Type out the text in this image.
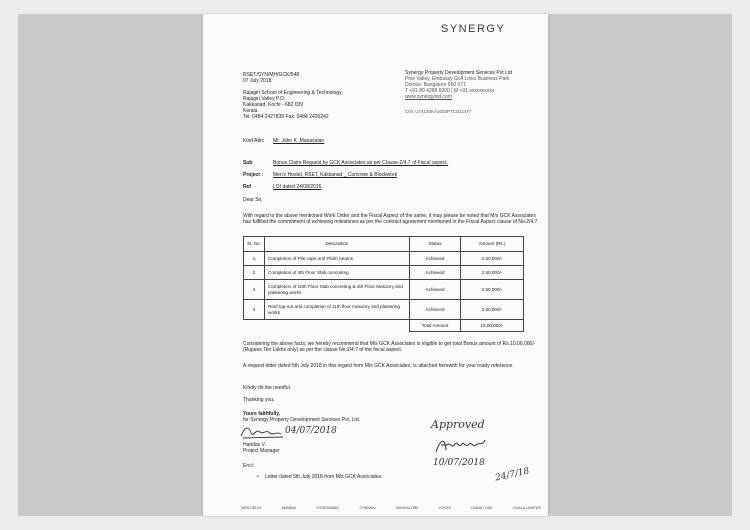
SYNERGY
RSET/SYN/MH/GCK/548
07 July 2018
Rajagiri School of Engineering & Technology
Rajagiri Valley P.O.
Kakkanad, Kochi - 682 039
Kerala.
Tel: 0484 2427835 Fax: 0484 2426242
Synergy Property Development Services Pvt Ltd
Pine Valley, Embassy Golf Links Business Park
Domlur, Bangalore 560 071
T +91 80 4288 6000 | M +91 xxxxxxxxxx
www.synergyind.com
CIN: U74140KA2003PTC031477
Kind Attn: Mr. John K. Manavalan
Sub	Bonus Claim Request by GCK Associates as per Clause-2/4.7 of Fiscal aspect.
Project : Men's Hostel, RSET, Kakkanad _ Concrete & Blockwork
Ref	LOI dated 24/08/2016
Dear Sir,
With regard to the above mentioned Work Order and the Fiscal Aspect of the same, it may please be noted that M/s GCK Associates has fulfilled the commitment of achieving milestones as per the contract agreement mentioned in the Fiscal Aspect clause of No.2/4.7.
Sl. No.	Description	Status	Amount (Rs.)
1	Completion of Pile caps and Plinth beams	Achieved	2,50,000/-
2	Completion of 4th Floor Slab concreting	Achieved	2,50,000/-
3	Completion of 10th Floor Slab concreting & 4th Floor Masonry and plastering works	Achieved	2,50,000/-
4	Roof top-out and completion of 11th floor masonry and plastering works	Achieved	2,50,000/-
		Total Amount	10,00,000/-
Considering the above facts, we hereby recommend that M/s GCK Associates is eligible to get total Bonus amount of Rs.10,00,000/- (Rupees Ten Lakhs only) as per the clause No.2/4.7 of the fiscal aspect.
A request letter dated 5th July 2018 in this regard from M/s GCK Associates, is attached herewith for your ready reference.
Kindly do the needful.
Thanking you,
Yours faithfully,
for Synergy Property Development Services Pvt. Ltd.
04/07/2018
Haridas V.
Project Manager
Encl:
• Letter dated 5th July 2018 from M/s GCK Associates.
Approved
10/07/2018
24/7/18
NEW DELHI	MUMBAI	HYDERABAD	CHENNAI	BANGALORE	KOCHI	DUBAI / UAE	KUALA LUMPUR
